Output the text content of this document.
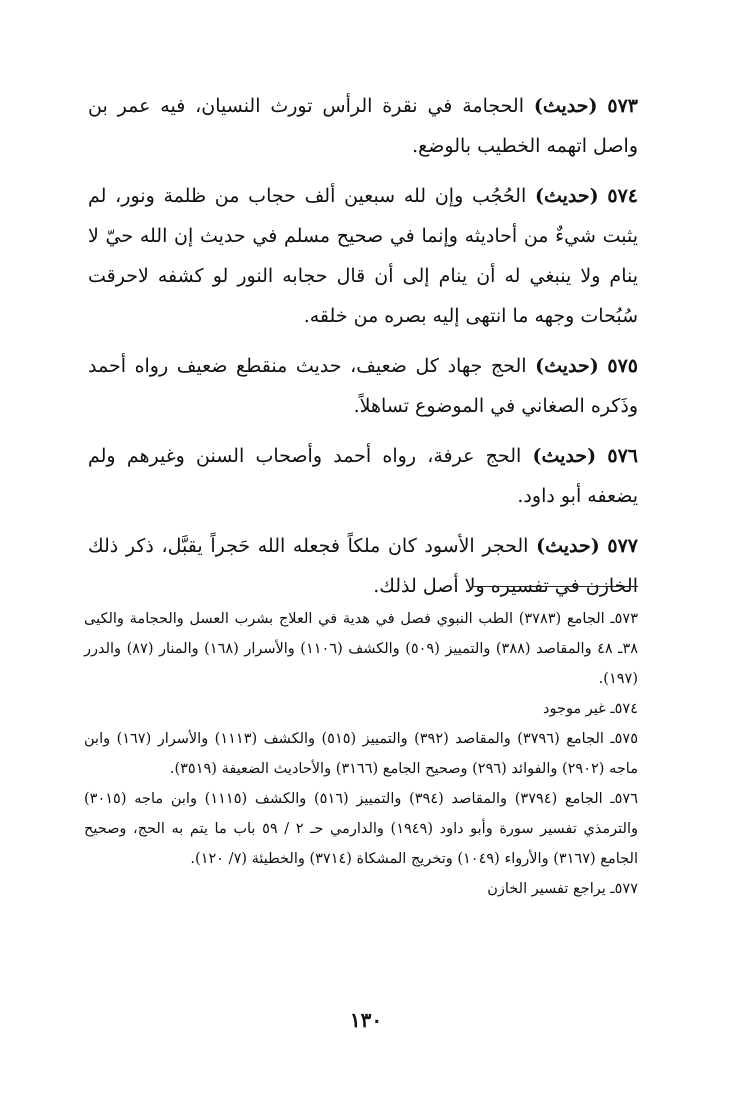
٥٧٣ (حديث) الحجامة في نقرة الرأس تورث النسيان، فيه عمر بن واصل اتهمه الخطيب بالوضع.

٥٧٤ (حديث) الحُجُب وإن لله سبعين ألف حجاب من ظلمة ونور، لم يثبت شيءٌ من أحاديثه وإنما في صحيح مسلم في حديث إن الله حيّ لا ينام ولا ينبغي له أن ينام إلى أن قال حجابه النور لو كشفه لاحرقت سُبُحات وجهه ما انتهى إليه بصره من خلقه.

٥٧٥ (حديث) الحج جهاد كل ضعيف، حديث منقطع ضعيف رواه أحمد وذَكره الصغاني في الموضوع تساهلاً.

٥٧٦ (حديث) الحج عرفة، رواه أحمد وأصحاب السنن وغيرهم ولم يضعفه أبو داود.

٥٧٧ (حديث) الحجر الأسود كان ملكاً فجعله الله حَجراً يقبَّل، ذكر ذلك الخازن في تفسيره ولا أصل لذلك.

٥٧٣ـ الجامع (٣٧٨٣) الطب النبوي فصل في هدية في العلاج بشرب العسل والحجامة والكيى ٣٨ـ ٤٨ والمقاصد (٣٨٨) والتمييز (٥٠٩) والكشف (١١٠٦) والأسرار (١٦٨) والمنار (٨٧) والدرر (١٩٧).

٥٧٤ـ غير موجود

٥٧٥ـ الجامع (٣٧٩٦) والمقاصد (٣٩٢) والتمييز (٥١٥) والكشف (١١١٣) والأسرار (١٦٧) وابن ماجه (٢٩٠٢) والفوائد (٢٩٦) وصحيح الجامع (٣١٦٦) والأحاديث الضعيفة (٣٥١٩).

٥٧٦ـ الجامع (٣٧٩٤) والمقاصد (٣٩٤) والتمييز (٥١٦) والكشف (١١١٥) وابن ماجه (٣٠١٥) والترمذي تفسير سورة وأبو داود (١٩٤٩) والدارمي حـ ٢ / ٥٩ باب ما يتم به الحج، وصحيح الجامع (٣١٦٧) والأرواء (١٠٤٩) وتخريج المشكاة (٣٧١٤) والخطيئة (٧/ ١٢٠).

٥٧٧ـ يراجع تفسير الخازن

١٣٠
